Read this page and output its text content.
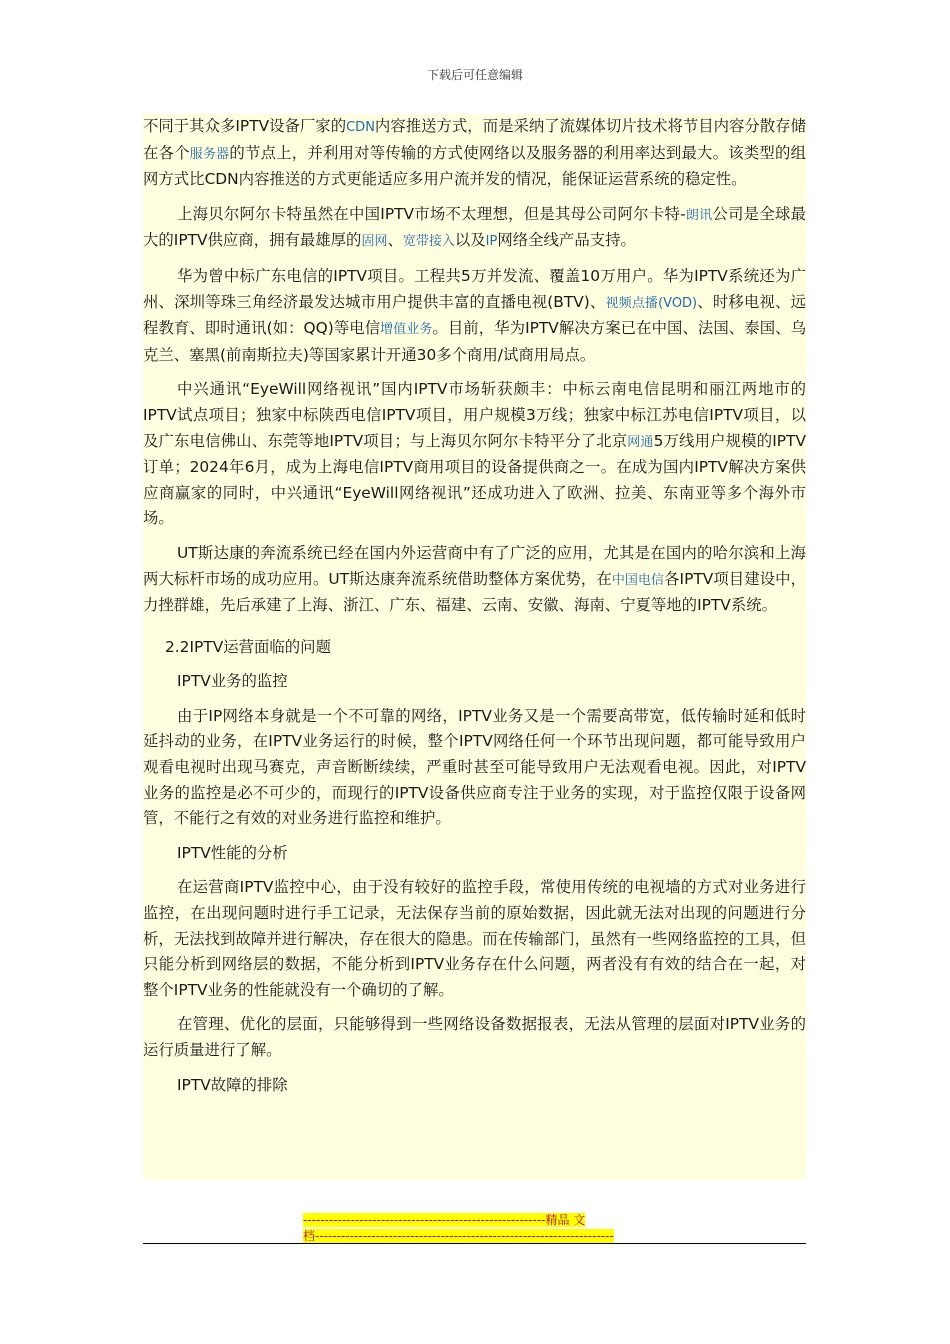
下载后可任意编辑

不同于其众多IPTV设备厂家的CDN内容推送方式，而是采纳了流媒体切片技术将节目内容分散存储在各个服务器的节点上，并利用对等传输的方式使网络以及服务器的利用率达到最大。该类型的组网方式比CDN内容推送的方式更能适应多用户流并发的情况，能保证运营系统的稳定性。

上海贝尔阿尔卡特虽然在中国IPTV市场不太理想，但是其母公司阿尔卡特-朗讯公司是全球最大的IPTV供应商，拥有最雄厚的固网、宽带接入以及IP网络全线产品支持。

华为曾中标广东电信的IPTV项目。工程共5万并发流、覆盖10万用户。华为IPTV系统还为广州、深圳等珠三角经济最发达城市用户提供丰富的直播电视(BTV)、视频点播(VOD)、时移电视、远程教育、即时通讯(如：QQ)等电信增值业务。目前，华为IPTV解决方案已在中国、法国、泰国、乌克兰、塞黑(前南斯拉夫)等国家累计开通30多个商用/试商用局点。

中兴通讯“EyeWill网络视讯”国内IPTV市场斩获颇丰：中标云南电信昆明和丽江两地市的IPTV试点项目；独家中标陕西电信IPTV项目，用户规模3万线；独家中标江苏电信IPTV项目，以及广东电信佛山、东莞等地IPTV项目；与上海贝尔阿尔卡特平分了北京网通5万线用户规模的IPTV订单；2024年6月，成为上海电信IPTV商用项目的设备提供商之一。在成为国内IPTV解决方案供应商赢家的同时，中兴通讯“EyeWill网络视讯”还成功进入了欧洲、拉美、东南亚等多个海外市场。

UT斯达康的奔流系统已经在国内外运营商中有了广泛的应用，尤其是在国内的哈尔滨和上海两大标杆市场的成功应用。UT斯达康奔流系统借助整体方案优势，在中国电信各IPTV项目建设中，力挫群雄，先后承建了上海、浙江、广东、福建、云南、安徽、海南、宁夏等地的IPTV系统。

2.2IPTV运营面临的问题

IPTV业务的监控

由于IP网络本身就是一个不可靠的网络，IPTV业务又是一个需要高带宽，低传输时延和低时延抖动的业务，在IPTV业务运行的时候，整个IPTV网络任何一个环节出现问题，都可能导致用户观看电视时出现马赛克，声音断断续续，严重时甚至可能导致用户无法观看电视。因此，对IPTV业务的监控是必不可少的，而现行的IPTV设备供应商专注于业务的实现，对于监控仅限于设备网管，不能行之有效的对业务进行监控和维护。

IPTV性能的分析

在运营商IPTV监控中心，由于没有较好的监控手段，常使用传统的电视墙的方式对业务进行监控，在出现问题时进行手工记录，无法保存当前的原始数据，因此就无法对出现的问题进行分析，无法找到故障并进行解决，存在很大的隐患。而在传输部门，虽然有一些网络监控的工具，但只能分析到网络层的数据，不能分析到IPTV业务存在什么问题，两者没有有效的结合在一起，对整个IPTV业务的性能就没有一个确切的了解。

在管理、优化的层面，只能够得到一些网络设备数据报表，无法从管理的层面对IPTV业务的运行质量进行了解。

IPTV故障的排除

--------------------------------------------------------精品 文
档---------------------------------------------------------------------
